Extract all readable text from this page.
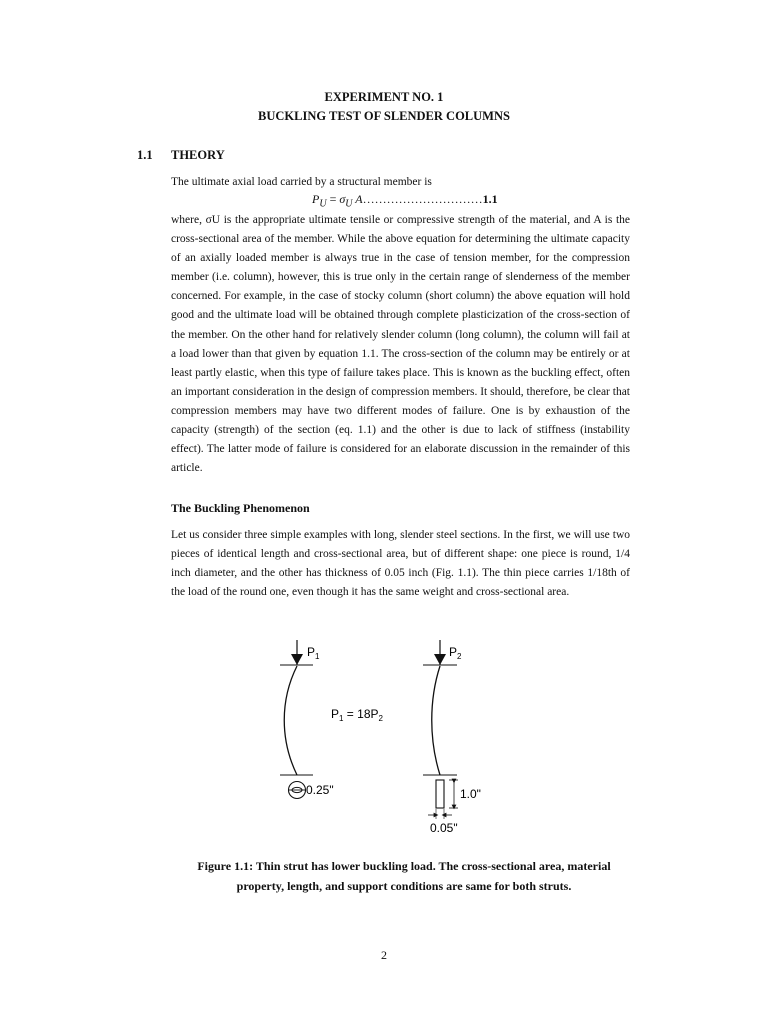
EXPERIMENT NO. 1
BUCKLING TEST OF SLENDER COLUMNS
1.1 THEORY
The ultimate axial load carried by a structural member is
$P_U = \sigma_U$ A…………………………1.1
where, σU is the appropriate ultimate tensile or compressive strength of the material, and A is the cross-sectional area of the member. While the above equation for determining the ultimate capacity of an axially loaded member is always true in the case of tension member, for the compression member (i.e. column), however, this is true only in the certain range of slenderness of the member concerned. For example, in the case of stocky column (short column) the above equation will hold good and the ultimate load will be obtained through complete plasticization of the cross-section of the member. On the other hand for relatively slender column (long column), the column will fail at a load lower than that given by equation 1.1. The cross-section of the column may be entirely or at least partly elastic, when this type of failure takes place. This is known as the buckling effect, often an important consideration in the design of compression members. It should, therefore, be clear that compression members may have two different modes of failure. One is by exhaustion of the capacity (strength) of the section (eq. 1.1) and the other is due to lack of stiffness (instability effect). The latter mode of failure is considered for an elaborate discussion in the remainder of this article.
The Buckling Phenomenon
Let us consider three simple examples with long, slender steel sections. In the first, we will use two pieces of identical length and cross-sectional area, but of different shape: one piece is round, 1/4 inch diameter, and the other has thickness of 0.05 inch (Fig. 1.1). The thin piece carries 1/18th of the load of the round one, even though it has the same weight and cross-sectional area.
$P_1$
0.25"
$P_1 = 18P_2$
$P_2$
1.0"
0.05"
Figure 1.1: Thin strut has lower buckling load. The cross-sectional area, material property, length, and support conditions are same for both struts.
2
